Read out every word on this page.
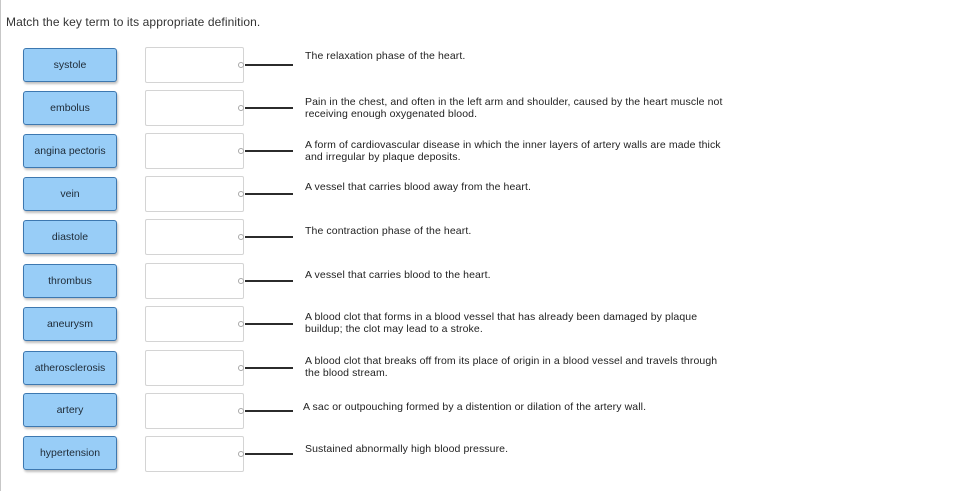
Match the key term to its appropriate definition.
systole
embolus
angina pectoris
vein
diastole
thrombus
aneurysm
atherosclerosis
artery
hypertension
The relaxation phase of the heart.
Pain in the chest, and often in the left arm and shoulder, caused by the heart muscle not receiving enough oxygenated blood.
A form of cardiovascular disease in which the inner layers of artery walls are made thick and irregular by plaque deposits.
A vessel that carries blood away from the heart.
The contraction phase of the heart.
A vessel that carries blood to the heart.
A blood clot that forms in a blood vessel that has already been damaged by plaque buildup; the clot may lead to a stroke.
A blood clot that breaks off from its place of origin in a blood vessel and travels through the blood stream.
A sac or outpouching formed by a distention or dilation of the artery wall.
Sustained abnormally high blood pressure.
